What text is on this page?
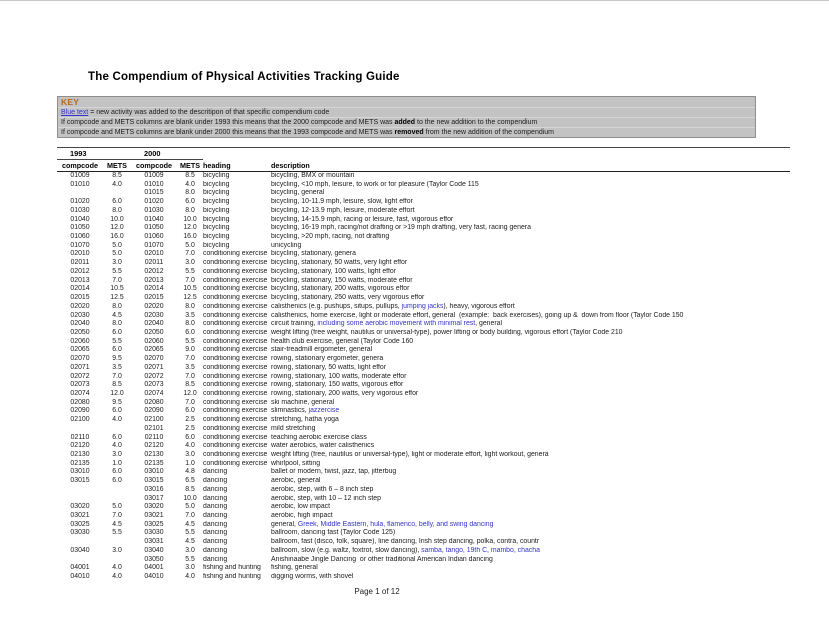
The Compendium of Physical Activities Tracking Guide
KEY
Blue text = new activity was added to the descritipon of that specific compendium code
If compcode and METS columns are blank under 1993 this means that the 2000 compcode and METS was added to the new addition to the compendium
If compcode and METS columns are blank under 2000 this means that the 1993 compcode and METS was removed from the new addition of the compendium
1993		2000			
compcode	METS	compcode	METS	heading	description
01009	8.5	01009	8.5	bicycling	bicycling, BMX or mountain
01010	4.0	01010	4.0	bicycling	bicycling, <10 mph, leisure, to work or for pleasure (Taylor Code 115
		01015	8.0	bicycling	bicycling, general
01020	6.0	01020	6.0	bicycling	bicycling, 10-11.9 mph, leisure, slow, light effor
01030	8.0	01030	8.0	bicycling	bicycling, 12-13.9 mph, leisure, moderate effort
01040	10.0	01040	10.0	bicycling	bicycling, 14-15.9 mph, racing or leisure, fast, vigorous effor
01050	12.0	01050	12.0	bicycling	bicycling, 16-19 mph, racing/not drafting or >19 mph drafting, very fast, racing genera
01060	16.0	01060	16.0	bicycling	bicycling, >20 mph, racing, not drafting
01070	5.0	01070	5.0	bicycling	unicycling
02010	5.0	02010	7.0	conditioning exercise	bicycling, stationary, genera
02011	3.0	02011	3.0	conditioning exercise	bicycling, stationary, 50 watts, very light effor
02012	5.5	02012	5.5	conditioning exercise	bicycling, stationary, 100 watts, light effor
02013	7.0	02013	7.0	conditioning exercise	bicycling, stationary, 150 watts, moderate effor
02014	10.5	02014	10.5	conditioning exercise	bicycling, stationary, 200 watts, vigorous effor
02015	12.5	02015	12.5	conditioning exercise	bicycling, stationary, 250 watts, very vigorous effor
02020	8.0	02020	8.0	conditioning exercise	calisthenics (e.g. pushups, situps, pullups, jumping jacks), heavy, vigorous effort
02030	4.5	02030	3.5	conditioning exercise	calisthenics, home exercise, light or moderate effort, general  (example:  back exercises), going up &  down from floor (Taylor Code 150
02040	8.0	02040	8.0	conditioning exercise	circuit training, including some aerobic movement with minimal rest, general
02050	6.0	02050	6.0	conditioning exercise	weight lifting (free weight, nautilus or universal-type), power lifting or body building, vigorous effort (Taylor Code 210
02060	5.5	02060	5.5	conditioning exercise	health club exercise, general (Taylor Code 160
02065	6.0	02065	9.0	conditioning exercise	stair-treadmill ergometer, general
02070	9.5	02070	7.0	conditioning exercise	rowing, stationary ergometer, genera
02071	3.5	02071	3.5	conditioning exercise	rowing, stationary, 50 watts, light effor
02072	7.0	02072	7.0	conditioning exercise	rowing, stationary, 100 watts, moderate effor
02073	8.5	02073	8.5	conditioning exercise	rowing, stationary, 150 watts, vigorous effor
02074	12.0	02074	12.0	conditioning exercise	rowing, stationary, 200 watts, very vigorous effor
02080	9.5	02080	7.0	conditioning exercise	ski machine, general
02090	6.0	02090	6.0	conditioning exercise	slimnastics, jazzercise
02100	4.0	02100	2.5	conditioning exercise	stretching, hatha yoga
		02101	2.5	conditioning exercise	mild stretching
02110	6.0	02110	6.0	conditioning exercise	teaching aerobic exercise class
02120	4.0	02120	4.0	conditioning exercise	water aerobics, water calisthenics
02130	3.0	02130	3.0	conditioning exercise	weight lifting (free, nautilus or universal-type), light or moderate effort, light workout, genera
02135	1.0	02135	1.0	conditioning exercise	whirlpool, sitting
03010	6.0	03010	4.8	dancing	ballet or modern, twist, jazz, tap, jitterbug
03015	6.0	03015	6.5	dancing	aerobic, general
		03016	8.5	dancing	aerobic, step, with 6 – 8 inch step
		03017	10.0	dancing	aerobic, step, with 10 – 12 inch step
03020	5.0	03020	5.0	dancing	aerobic, low impact
03021	7.0	03021	7.0	dancing	aerobic, high impact
03025	4.5	03025	4.5	dancing	general, Greek, Middle Eastern, hula, flamenco, belly, and swing dancing
03030	5.5	03030	5.5	dancing	ballroom, dancing fast (Taylor Code 125)
		03031	4.5	dancing	ballroom, fast (disco, folk, square), line dancing, Irish step dancing, polka, contra, countr
03040	3.0	03040	3.0	dancing	ballroom, slow (e.g. waltz, foxtrot, slow dancing), samba, tango, 19th C, mambo, chacha
		03050	5.5	dancing	Anishinaabe Jingle Dancing  or other traditional American Indian dancing
04001	4.0	04001	3.0	fishing and hunting	fishing, general
04010	4.0	04010	4.0	fishing and hunting	digging worms, with shovel
Page 1 of 12
